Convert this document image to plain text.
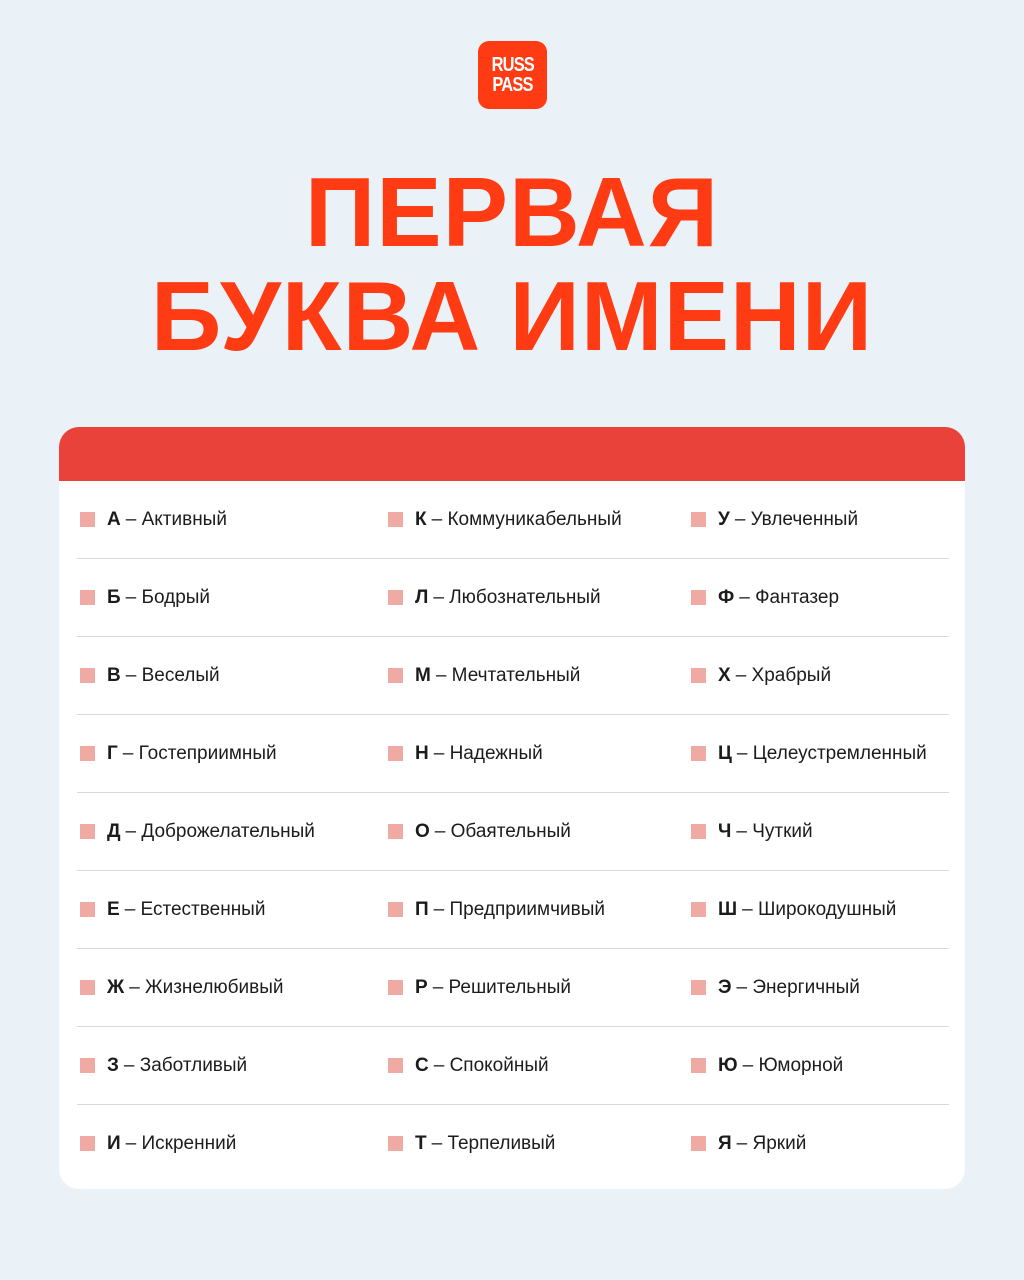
RUSS
PASS
ПЕРВАЯ
БУКВА ИМЕНИ
А – Активный	К – Коммуникабельный	У – Увлеченный
Б – Бодрый	Л – Любознательный	Ф – Фантазер
В – Веселый	М – Мечтательный	Х – Храбрый
Г – Гостеприимный	Н – Надежный	Ц – Целеустремленный
Д – Доброжелательный	О – Обаятельный	Ч – Чуткий
Е – Естественный	П – Предприимчивый	Ш – Широкодушный
Ж – Жизнелюбивый	Р – Решительный	Э – Энергичный
З – Заботливый	С – Спокойный	Ю – Юморной
И – Искренний	Т – Терпеливый	Я – Яркий
